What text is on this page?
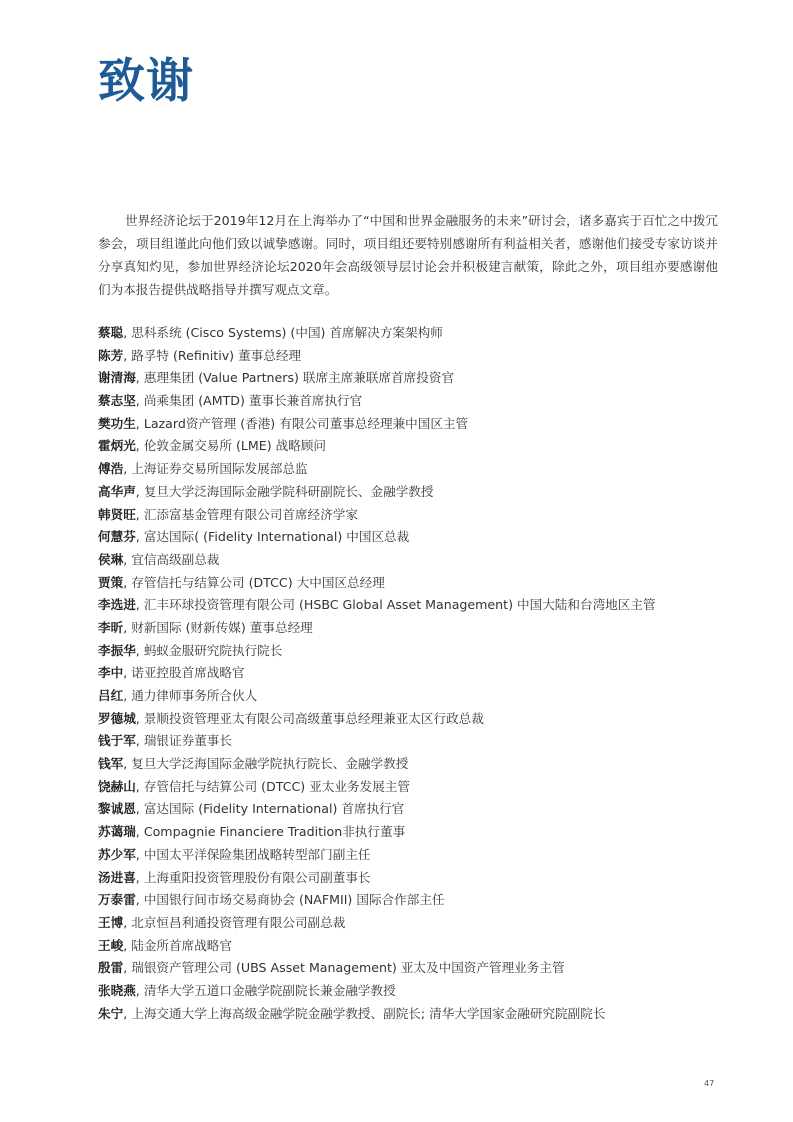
致谢

世界经济论坛于2019年12月在上海举办了“中国和世界金融服务的未来”研讨会，诸多嘉宾于百忙之中拨冗参会，项目组谨此向他们致以诚挚感谢。同时，项目组还要特别感谢所有利益相关者，感谢他们接受专家访谈并分享真知灼见，参加世界经济论坛2020年会高级领导层讨论会并积极建言献策，除此之外，项目组亦要感谢他们为本报告提供战略指导并撰写观点文章。

蔡聪, 思科系统 (Cisco Systems) (中国) 首席解决方案架构师
陈芳, 路孚特 (Refinitiv) 董事总经理
谢清海, 惠理集团 (Value Partners) 联席主席兼联席首席投资官
蔡志坚, 尚乘集团 (AMTD) 董事长兼首席执行官
樊功生, Lazard资产管理 (香港) 有限公司董事总经理兼中国区主管
霍炳光, 伦敦金属交易所 (LME) 战略顾问
傅浩, 上海证券交易所国际发展部总监
高华声, 复旦大学泛海国际金融学院科研副院长、金融学教授
韩贤旺, 汇添富基金管理有限公司首席经济学家
何慧芬, 富达国际( (Fidelity International) 中国区总裁
侯琳, 宜信高级副总裁
贾策, 存管信托与结算公司 (DTCC) 大中国区总经理
李选进, 汇丰环球投资管理有限公司 (HSBC Global Asset Management) 中国大陆和台湾地区主管
李昕, 财新国际 (财新传媒) 董事总经理
李振华, 蚂蚁金服研究院执行院长
李中, 诺亚控股首席战略官
吕红, 通力律师事务所合伙人
罗德城, 景顺投资管理亚太有限公司高级董事总经理兼亚太区行政总裁
钱于军, 瑞银证券董事长
钱军, 复旦大学泛海国际金融学院执行院长、金融学教授
饶赫山, 存管信托与结算公司 (DTCC) 亚太业务发展主管
黎诚恩, 富达国际 (Fidelity International) 首席执行官
苏蔼瑞, Compagnie Financiere Tradition非执行董事
苏少军, 中国太平洋保险集团战略转型部门副主任
汤进喜, 上海重阳投资管理股份有限公司副董事长
万泰雷, 中国银行间市场交易商协会 (NAFMII) 国际合作部主任
王博, 北京恒昌利通投资管理有限公司副总裁
王峻, 陆金所首席战略官
殷雷, 瑞银资产管理公司 (UBS Asset Management) 亚太及中国资产管理业务主管
张晓燕, 清华大学五道口金融学院副院长兼金融学教授
朱宁, 上海交通大学上海高级金融学院金融学教授、副院长; 清华大学国家金融研究院副院长
47
